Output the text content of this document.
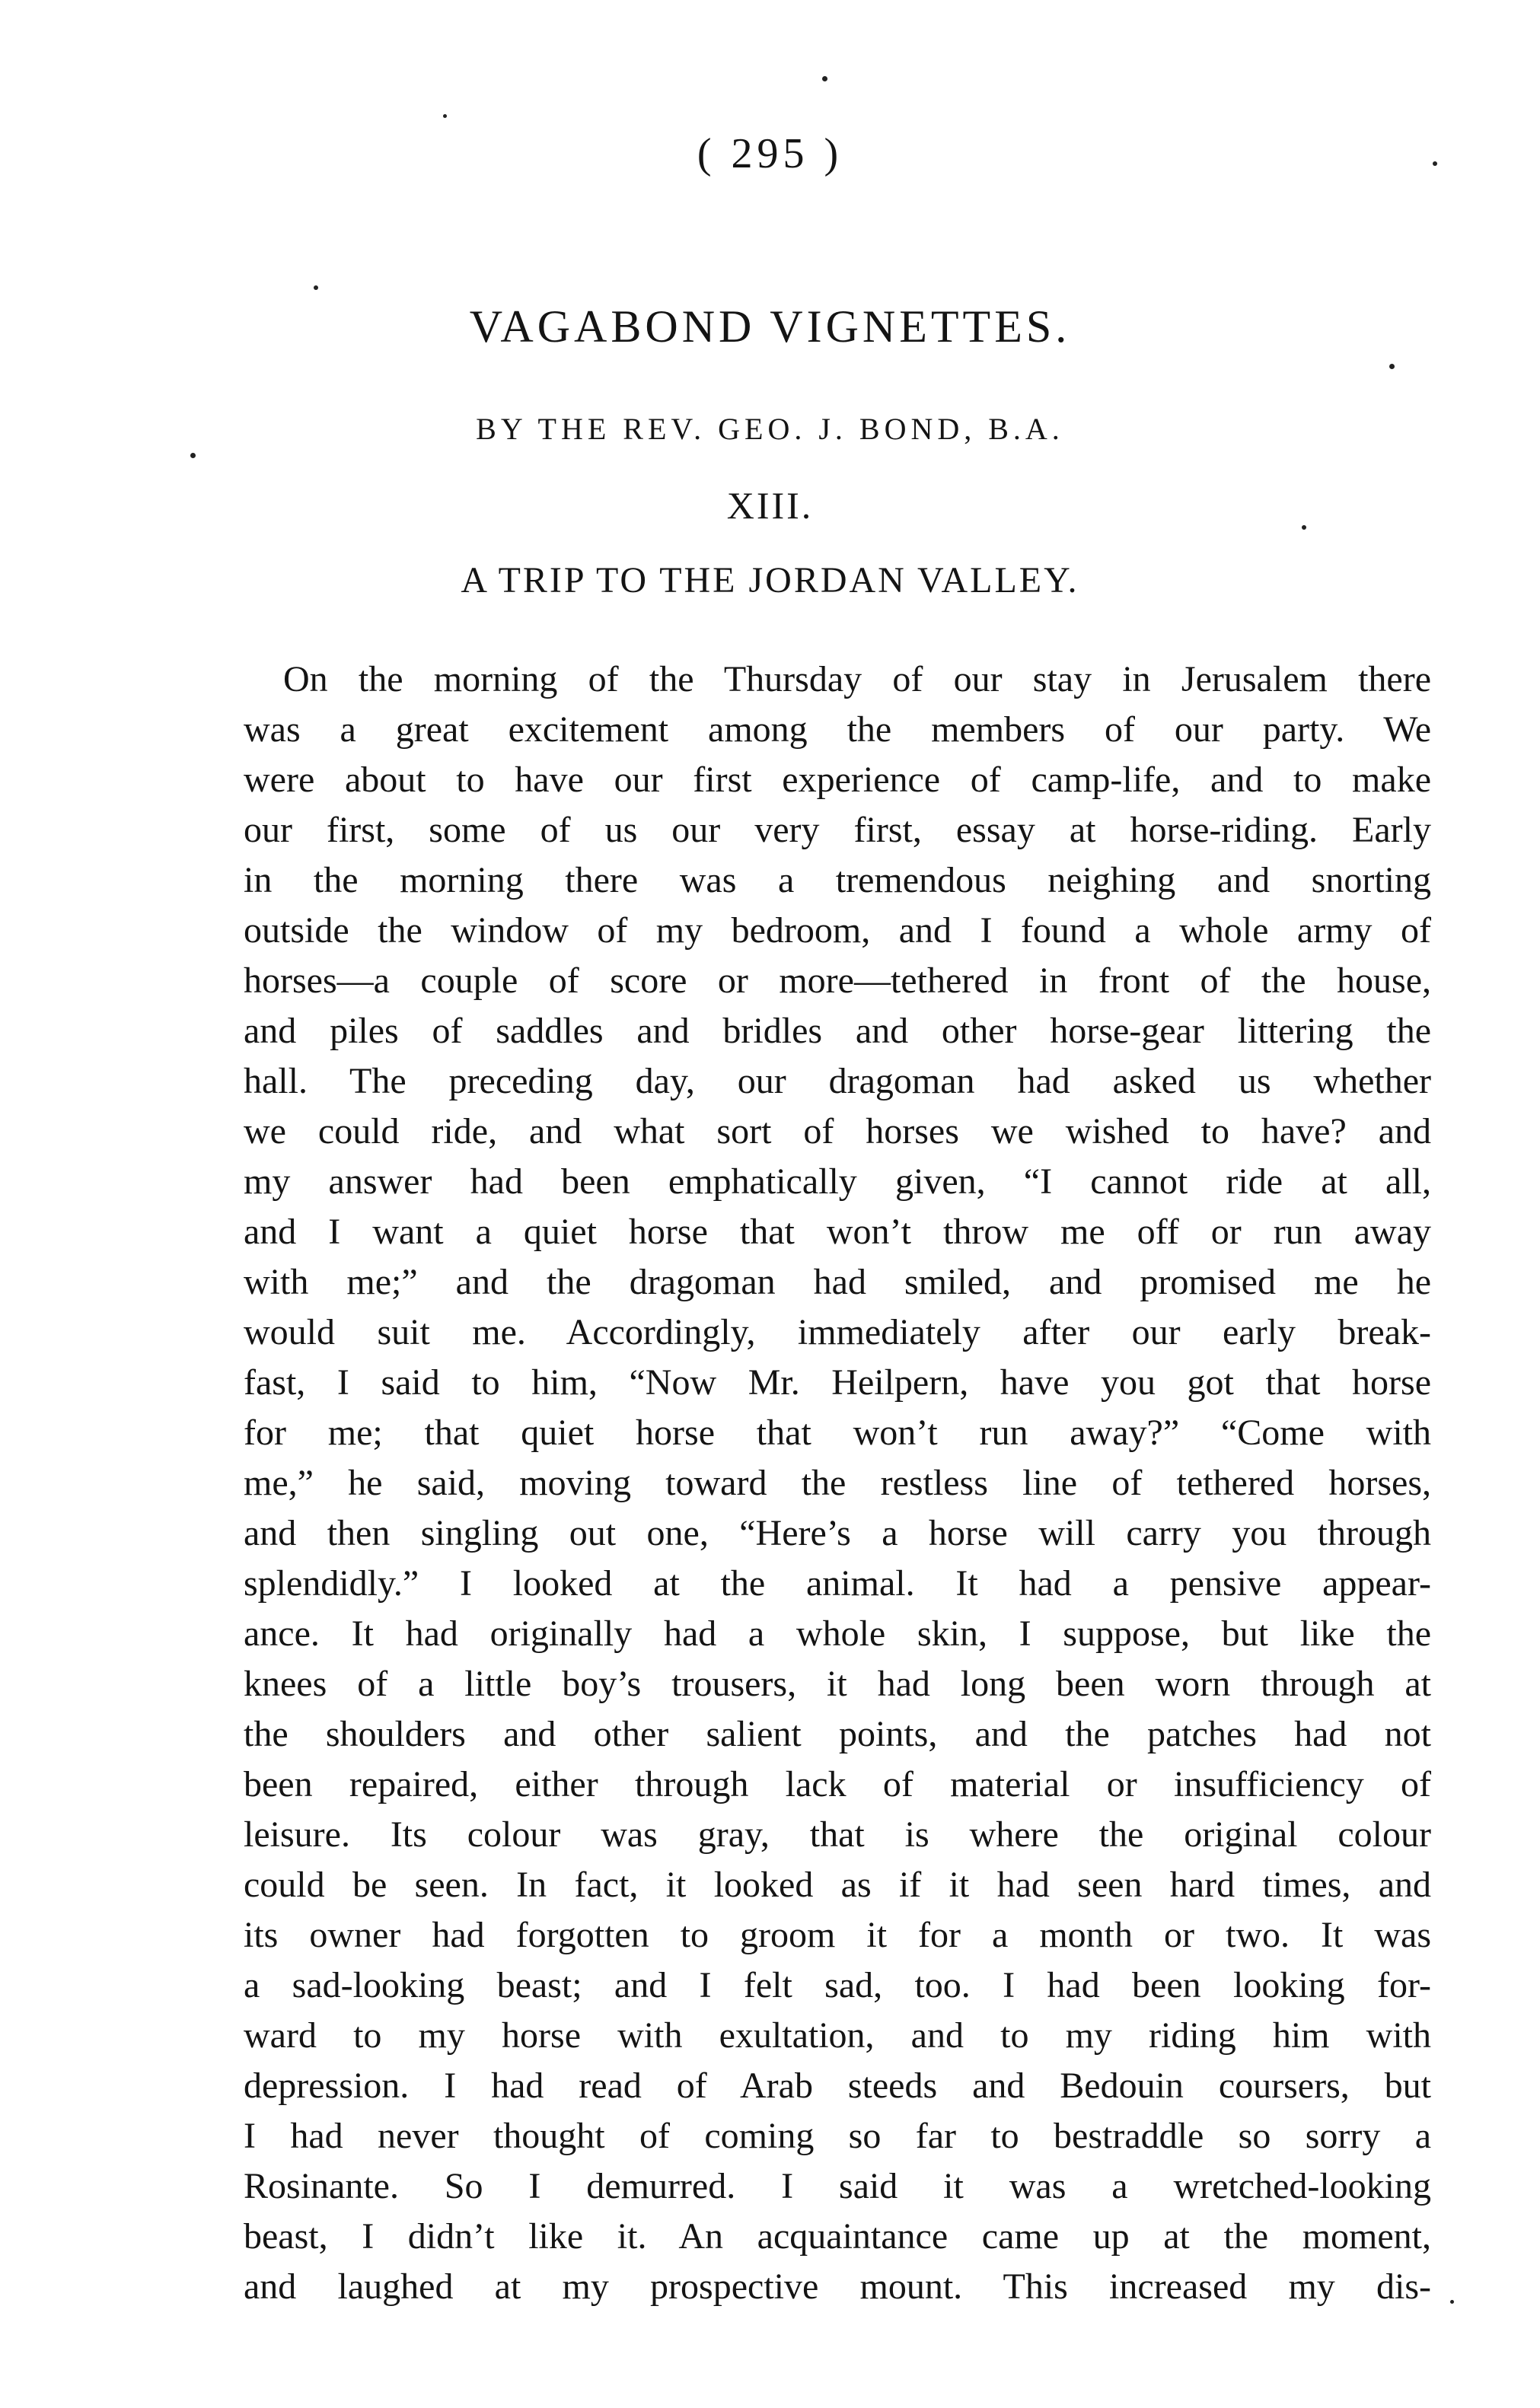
( 295 )
VAGABOND VIGNETTES.
BY THE REV. GEO. J. BOND, B.A.
XIII.
A TRIP TO THE JORDAN VALLEY.
On the morning of the Thursday of our stay in Jerusalem there
was a great excitement among the members of our party. We
were about to have our first experience of camp-life, and to make
our first, some of us our very first, essay at horse-riding. Early
in the morning there was a tremendous neighing and snorting
outside the window of my bedroom, and I found a whole army of
horses—a couple of score or more—tethered in front of the house,
and piles of saddles and bridles and other horse-gear littering the
hall. The preceding day, our dragoman had asked us whether
we could ride, and what sort of horses we wished to have? and
my answer had been emphatically given, “I cannot ride at all,
and I want a quiet horse that won’t throw me off or run away
with me;” and the dragoman had smiled, and promised me he
would suit me. Accordingly, immediately after our early break-
fast, I said to him, “Now Mr. Heilpern, have you got that horse
for me; that quiet horse that won’t run away?” “Come with
me,” he said, moving toward the restless line of tethered horses,
and then singling out one, “Here’s a horse will carry you through
splendidly.” I looked at the animal. It had a pensive appear-
ance. It had originally had a whole skin, I suppose, but like the
knees of a little boy’s trousers, it had long been worn through at
the shoulders and other salient points, and the patches had not
been repaired, either through lack of material or insufficiency of
leisure. Its colour was gray, that is where the original colour
could be seen. In fact, it looked as if it had seen hard times, and
its owner had forgotten to groom it for a month or two. It was
a sad-looking beast; and I felt sad, too. I had been looking for-
ward to my horse with exultation, and to my riding him with
depression. I had read of Arab steeds and Bedouin coursers, but
I had never thought of coming so far to bestraddle so sorry a
Rosinante. So I demurred. I said it was a wretched-looking
beast, I didn’t like it. An acquaintance came up at the moment,
and laughed at my prospective mount. This increased my dis-
